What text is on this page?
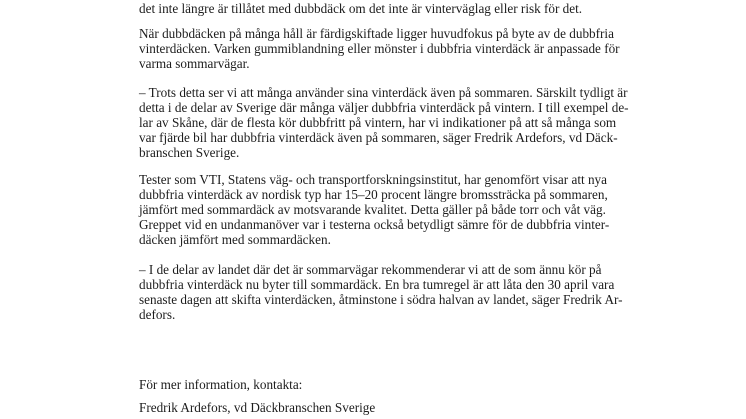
det inte längre är tillåtet med dubbdäck om det inte är vinterväglag eller risk för det.
När dubbdäcken på många håll är färdigskiftade ligger huvudfokus på byte av de dubbfria
vinterdäcken. Varken gummiblandning eller mönster i dubbfria vinterdäck är anpassade för
varma sommarvägar.
– Trots detta ser vi att många använder sina vinterdäck även på sommaren. Särskilt tydligt är
detta i de delar av Sverige där många väljer dubbfria vinterdäck på vintern. I till exempel de-
lar av Skåne, där de flesta kör dubbfritt på vintern, har vi indikationer på att så många som
var fjärde bil har dubbfria vinterdäck även på sommaren, säger Fredrik Ardefors, vd Däck-
branschen Sverige.
Tester som VTI, Statens väg- och transportforskningsinstitut, har genomfört visar att nya
dubbfria vinterdäck av nordisk typ har 15–20 procent längre bromssträcka på sommaren,
jämfört med sommardäck av motsvarande kvalitet. Detta gäller på både torr och våt väg.
Greppet vid en undanmanöver var i testerna också betydligt sämre för de dubbfria vinter-
däcken jämfört med sommardäcken.
– I de delar av landet där det är sommarvägar rekommenderar vi att de som ännu kör på
dubbfria vinterdäck nu byter till sommardäck. En bra tumregel är att låta den 30 april vara
senaste dagen att skifta vinterdäcken, åtminstone i södra halvan av landet, säger Fredrik Ar-
defors.
För mer information, kontakta:
Fredrik Ardefors, vd Däckbranschen Sverige
